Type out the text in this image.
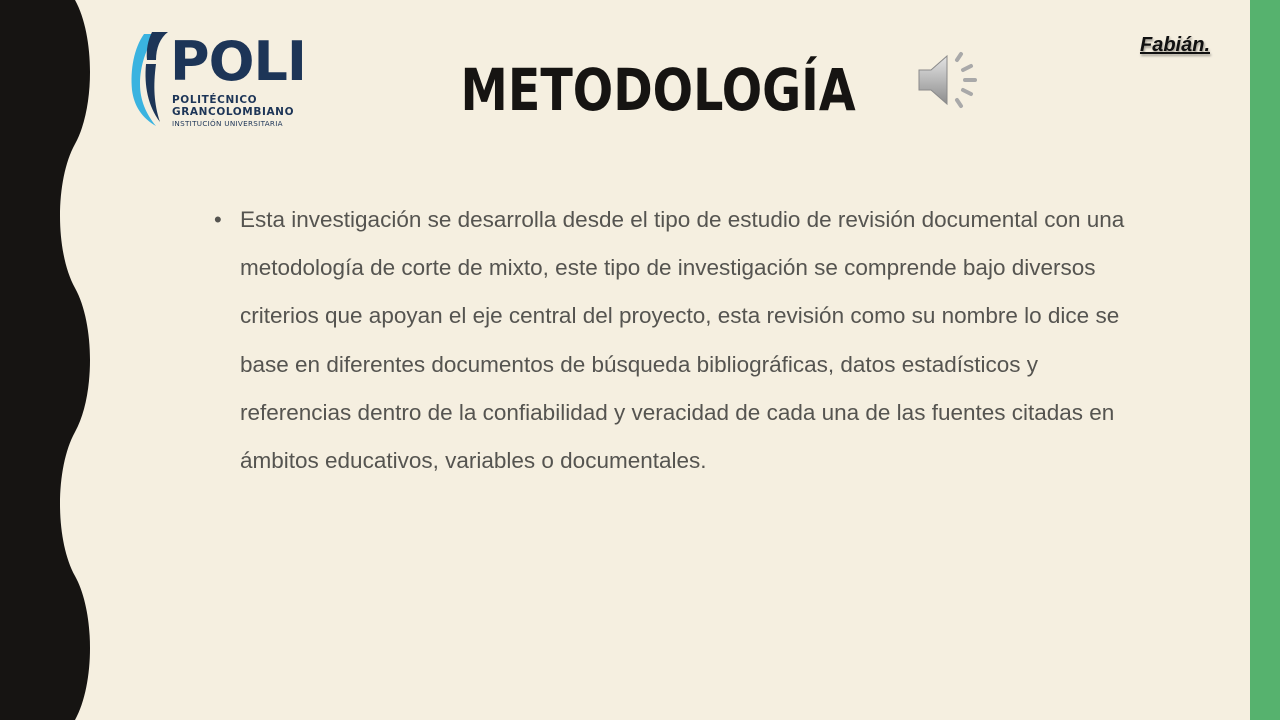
POLI
POLITÉCNICO
GRANCOLOMBIANO
INSTITUCIÓN UNIVERSITARIA	METODOLOGÍA
Fabián.
• Esta investigación se desarrolla desde el tipo de estudio de revisión documental con una metodología de corte de mixto, este tipo de investigación se comprende bajo diversos criterios que apoyan el eje central del proyecto, esta revisión como su nombre lo dice se base en diferentes documentos de búsqueda bibliográficas, datos estadísticos y referencias dentro de la confiabilidad y veracidad de cada una de las fuentes citadas en ámbitos educativos, variables o documentales.
